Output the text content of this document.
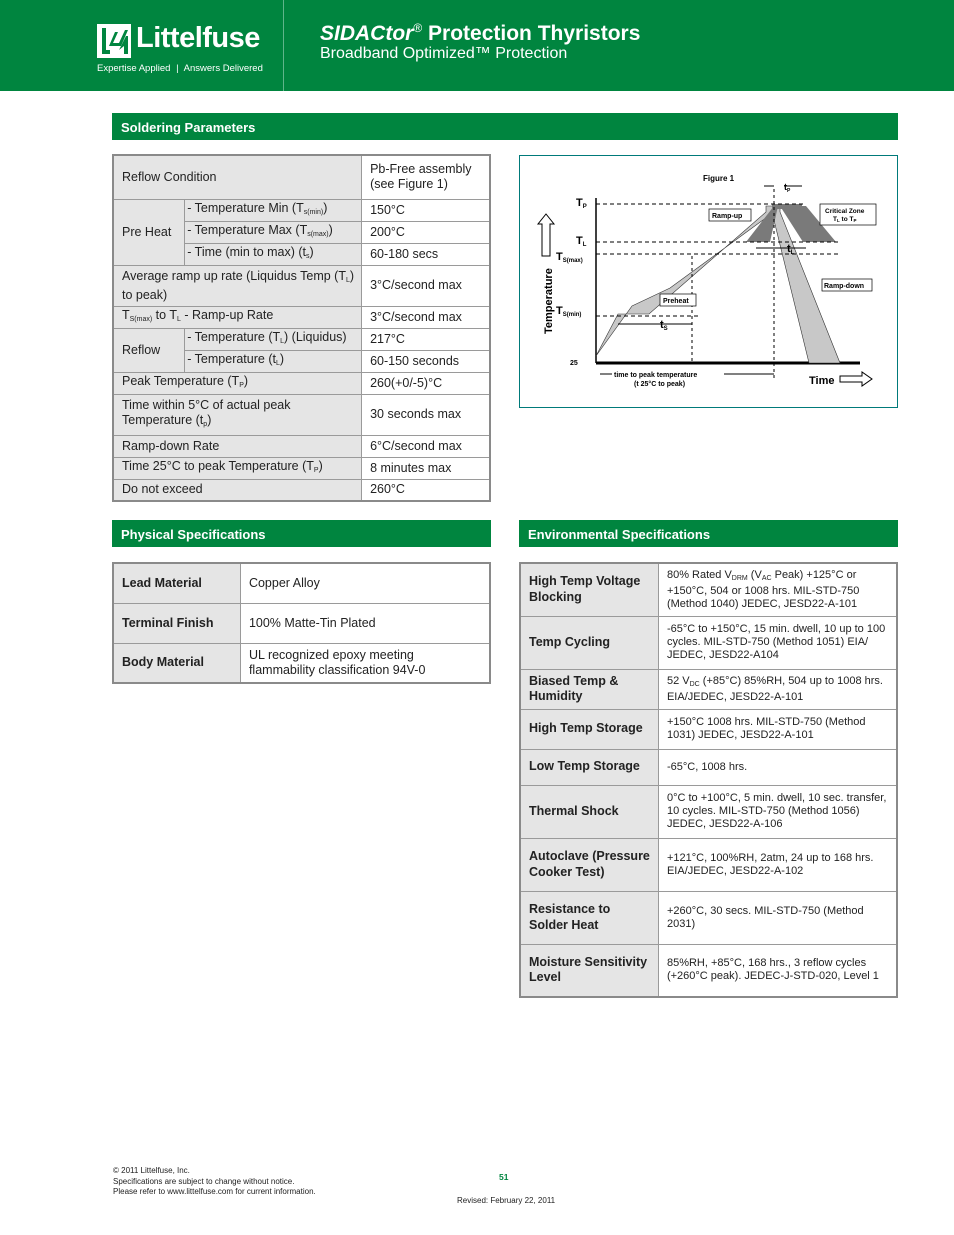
Littelfuse
Expertise Applied | Answers Delivered
SIDACtor® Protection Thyristors
Broadband Optimized™ Protection
Soldering Parameters
Reflow Condition		Pb-Free assembly (see Figure 1)
Pre Heat	- Temperature Min $(T_{s(min)})$	150°C
	- Temperature Max $(T_{s(max)})$	200°C
	- Time (min to max) $(t_s)$	60-180 secs
Average ramp up rate (Liquidus Temp $(T_L)$ to peak)		3°C/second max
$T_{S(max)}$ to $T_L$ - Ramp-up Rate		3°C/second max
Reflow	- Temperature $(T_L)$ (Liquidus)	217°C
	- Temperature $(t_L)$	60-150 seconds
Peak Temperature $(T_P)$		260(+0/-5)°C
Time within 5°C of actual peak Temperature $(t_p)$		30 seconds max
Ramp-down Rate		6°C/second max
Time 25°C to peak Temperature $(T_P)$		8 minutes max
Do not exceed		260°C
Figure 1
TP
TL
TS(max)
TS(min)
25
Temperature
Time
$t_P$
tL
tS
Ramp-up
Ramp-down
Preheat
Critical Zone
TL to TP
time to peak temperature
(t 25°C to peak)
Physical Specifications
Lead Material	Copper Alloy
Terminal Finish	100% Matte-Tin Plated
Body Material	UL recognized epoxy meeting flammability classification 94V-0
Environmental Specifications
High Temp Voltage Blocking	80% Rated $V_{DRM}$ ($V_{AC}$ Peak) +125°C or +150°C, 504 or 1008 hrs. MIL-STD-750 (Method 1040) JEDEC, JESD22-A-101
Temp Cycling	-65°C to +150°C, 15 min. dwell, 10 up to 100 cycles. MIL-STD-750 (Method 1051) EIA/ JEDEC, JESD22-A104
Biased Temp & Humidity	52 $V_{DC}$ (+85°C) 85%RH, 504 up to 1008 hrs. EIA/JEDEC, JESD22-A-101
High Temp Storage	+150°C 1008 hrs. MIL-STD-750 (Method 1031) JEDEC, JESD22-A-101
Low Temp Storage	-65°C, 1008 hrs.
Thermal Shock	0°C to +100°C, 5 min. dwell, 10 sec. transfer, 10 cycles. MIL-STD-750 (Method 1056) JEDEC, JESD22-A-106
Autoclave (Pressure Cooker Test)	+121°C, 100%RH, 2atm, 24 up to 168 hrs. EIA/JEDEC, JESD22-A-102
Resistance to Solder Heat	+260°C, 30 secs. MIL-STD-750 (Method 2031)
Moisture Sensitivity Level	85%RH, +85°C, 168 hrs., 3 reflow cycles (+260°C peak). JEDEC-J-STD-020, Level 1
© 2011 Littelfuse, Inc.
Specifications are subject to change without notice.
Please refer to www.littelfuse.com for current information.
51
Revised: February 22, 2011
